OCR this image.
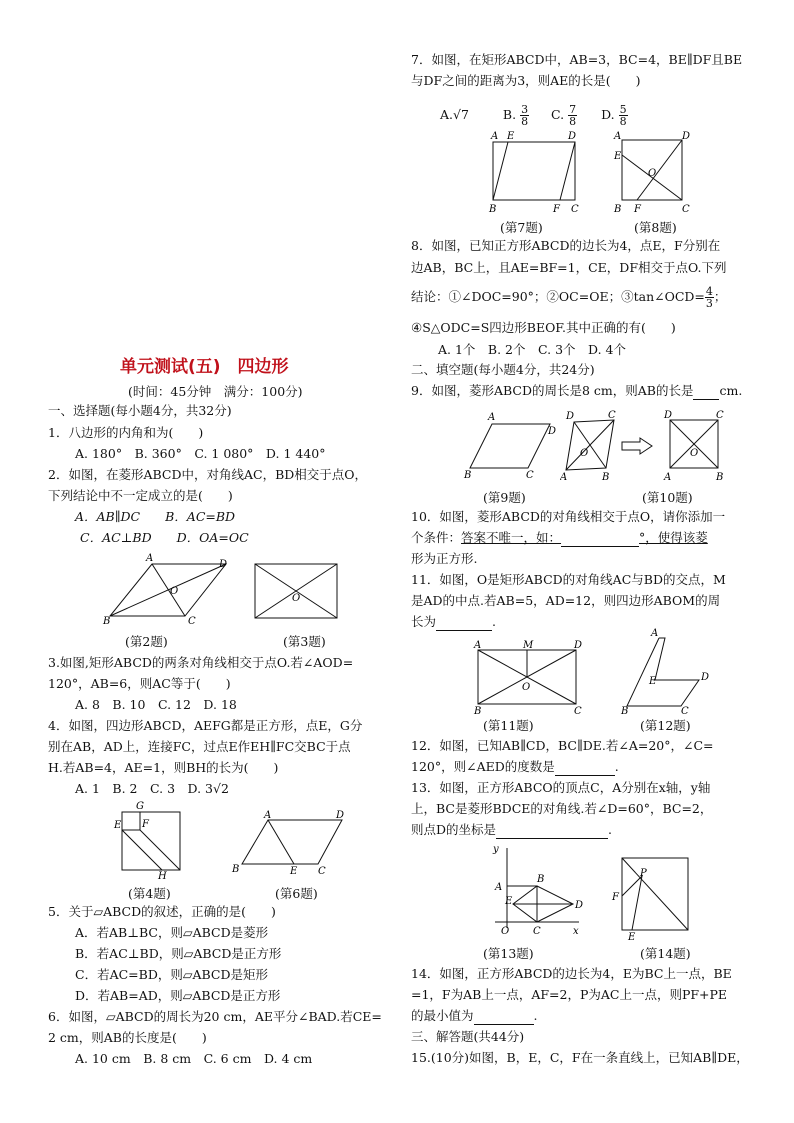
单元测试(五)　四边形
(时间：45分钟　满分：100分)
一、选择题(每小题4分，共32分)
1．八边形的内角和为(　　)
A. 180°　B. 360°　C. 1 080°　D. 1 440°
2．如图，在菱形ABCD中，对角线AC，BD相交于点O，
下列结论中不一定成立的是(　　)
A．AB∥DC　　B．AC=BD
C．AC⊥BD　　D．OA=OC
A
D
B	C
O
O
(第2题)	(第3题)
3.如图,矩形ABCD的两条对角线相交于点O.若∠AOD=
120°，AB=6，则AC等于(　　)
A. 8　B. 10　C. 12　D. 18
4．如图，四边形ABCD，AEFG都是正方形，点E，G分
别在AB，AD上，连接FC，过点E作EH∥FC交BC于点
H.若AB=4，AE=1，则BH的长为(　　)
A. 1　B. 2　C. 3　D. 3√2
G
E F
H
A
B	E C
D
(第4题)	(第6题)
5．关于▱ABCD的叙述，正确的是(　　)
A．若AB⊥BC，则▱ABCD是菱形
B．若AC⊥BD，则▱ABCD是正方形
C．若AC=BD，则▱ABCD是矩形
D．若AB=AD，则▱ABCD是正方形
6．如图，▱ABCD的周长为20 cm，AE平分∠BAD.若CE=
2 cm，则AB的长度是(　　)
A. 10 cm　B. 8 cm　C. 6 cm　D. 4 cm
7．如图，在矩形ABCD中，AB=3，BC=4，BE∥DF且BE
与DF之间的距离为3，则AE的长是(　　)
A.√7	B. $\frac{3}{8} C$. $\frac{7}{8} D$. $\frac{5}{8}$
A E	D
B	F C
A
E
D
O
B F	C
(第7题)	(第8题)
8．如图，已知正方形ABCD的边长为4，点E，F分别在
边AB，BC上，且AE=BF=1，CE，DF相交于点O.下列
结论：①∠DOC=90°；②OC=OE；③tan∠OCD= $\frac{4}{3}$ ；
④S△ODC=S四边形BEOF.其中正确的有(　　)
A. 1个　B. 2个　C. 3个　D. 4个
二、填空题(每小题4分，共24分)
9．如图，菱形ABCD的周长是8 cm，则AB的长是 cm.
A
D
B	C
D	C
A	B
O
D	C
A	B
O
(第9题)	(第10题)
10．如图，菱形ABCD的对角线相交于点O，请你添加一
个条件：答案不唯一，如：	°，使得该菱
形为正方形.
11．如图，O是矩形ABCD的对角线AC与BD的交点，M
是AD的中点.若AB=5，AD=12，则四边形ABOM的周
长为	.
A	M	D
O
B	C
A
E	D
B	C
(第11题)	(第12题)
12．如图，已知AB∥CD，BC∥DE.若∠A=20°，∠C=
120°，则∠AED的度数是	.
13．如图，正方形ABCO的顶点C，A分别在x轴，y轴
上，BC是菱形BDCE的对角线.若∠D=60°，BC=2，
则点D的坐标是	.
y
x
A
B
D
E
C
O
P
F
E
(第13题)	(第14题)
14．如图，正方形ABCD的边长为4，E为BC上一点，BE
=1，F为AB上一点，AF=2，P为AC上一点，则PF+PE
的最小值为	.
三、解答题(共44分)
15.(10分)如图，B，E，C，F在一条直线上，已知AB∥DE，
